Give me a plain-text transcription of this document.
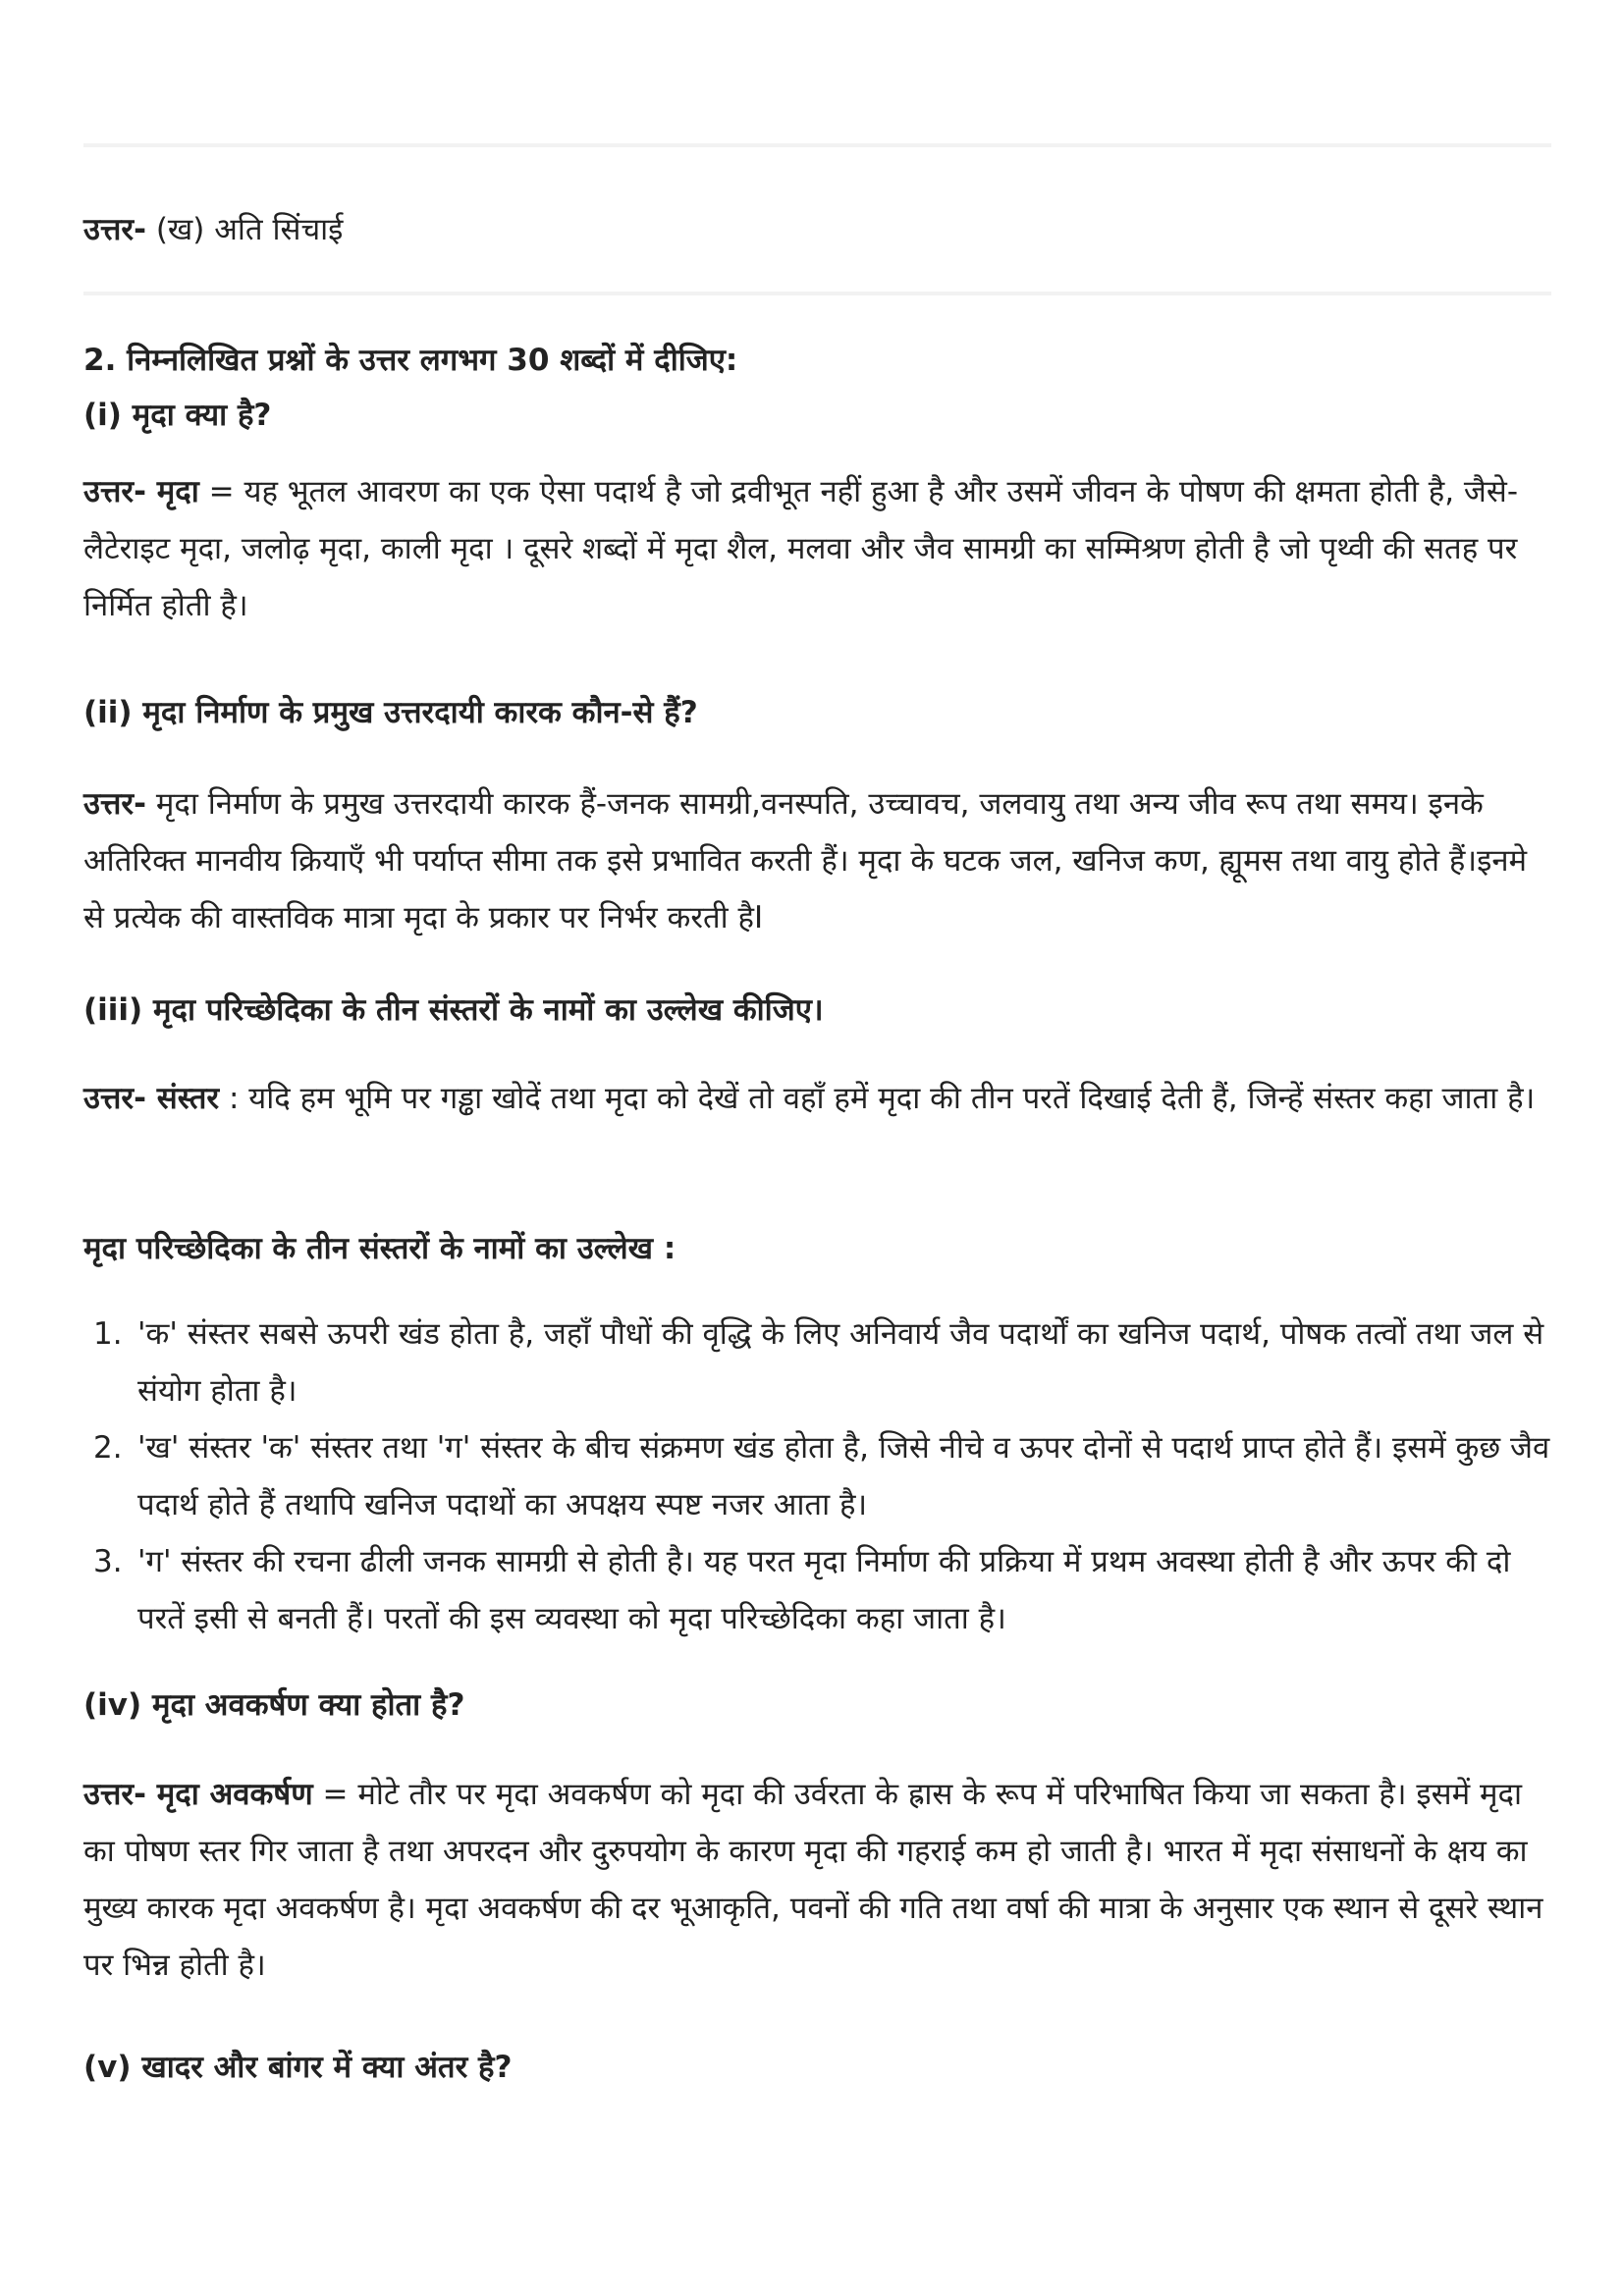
उत्तर- (ख) अति सिंचाई

2. निम्नलिखित प्रश्नों के उत्तर लगभग 30 शब्दों में दीजिए:

(i) मृदा क्या है?

उत्तर- मृदा = यह भूतल आवरण का एक ऐसा पदार्थ है जो द्रवीभूत नहीं हुआ है और उसमें जीवन के पोषण की क्षमता होती है, जैसे- लैटेराइट मृदा, जलोढ़ मृदा, काली मृदा । दूसरे शब्दों में मृदा शैल, मलवा और जैव सामग्री का सम्मिश्रण होती है जो पृथ्वी की सतह पर निर्मित होती है।

(ii) मृदा निर्माण के प्रमुख उत्तरदायी कारक कौन-से हैं?

उत्तर- मृदा निर्माण के प्रमुख उत्तरदायी कारक हैं-जनक सामग्री,वनस्पति, उच्चावच, जलवायु तथा अन्य जीव रूप तथा समय। इनके अतिरिक्त मानवीय क्रियाएँ भी पर्याप्त सीमा तक इसे प्रभावित करती हैं। मृदा के घटक जल, खनिज कण, ह्यूमस तथा वायु होते हैं।इनमे से प्रत्येक की वास्तविक मात्रा मृदा के प्रकार पर निर्भर करती हैI

(iii) मृदा परिच्छेदिका के तीन संस्तरों के नामों का उल्लेख कीजिए।

उत्तर- संस्तर : यदि हम भूमि पर गड्ढा खोदें तथा मृदा को देखें तो वहाँ हमें मृदा की तीन परतें दिखाई देती हैं, जिन्हें संस्तर कहा जाता है।

मृदा परिच्छेदिका के तीन संस्तरों के नामों का उल्लेख :

1. 'क' संस्तर सबसे ऊपरी खंड होता है, जहाँ पौधों की वृद्धि के लिए अनिवार्य जैव पदार्थों का खनिज पदार्थ, पोषक तत्वों तथा जल से संयोग होता है।
2. 'ख' संस्तर 'क' संस्तर तथा 'ग' संस्तर के बीच संक्रमण खंड होता है, जिसे नीचे व ऊपर दोनों से पदार्थ प्राप्त होते हैं। इसमें कुछ जैव पदार्थ होते हैं तथापि खनिज पदाथों का अपक्षय स्पष्ट नजर आता है।
3. 'ग' संस्तर की रचना ढीली जनक सामग्री से होती है। यह परत मृदा निर्माण की प्रक्रिया में प्रथम अवस्था होती है और ऊपर की दो परतें इसी से बनती हैं। परतों की इस व्यवस्था को मृदा परिच्छेदिका कहा जाता है।

(iv) मृदा अवकर्षण क्या होता है?

उत्तर- मृदा अवकर्षण = मोटे तौर पर मृदा अवकर्षण को मृदा की उर्वरता के ह्रास के रूप में परिभाषित किया जा सकता है। इसमें मृदा का पोषण स्तर गिर जाता है तथा अपरदन और दुरुपयोग के कारण मृदा की गहराई कम हो जाती है। भारत में मृदा संसाधनों के क्षय का मुख्य कारक मृदा अवकर्षण है। मृदा अवकर्षण की दर भूआकृति, पवनों की गति तथा वर्षा की मात्रा के अनुसार एक स्थान से दूसरे स्थान पर भिन्न होती है।

(v) खादर और बांगर में क्या अंतर है?
